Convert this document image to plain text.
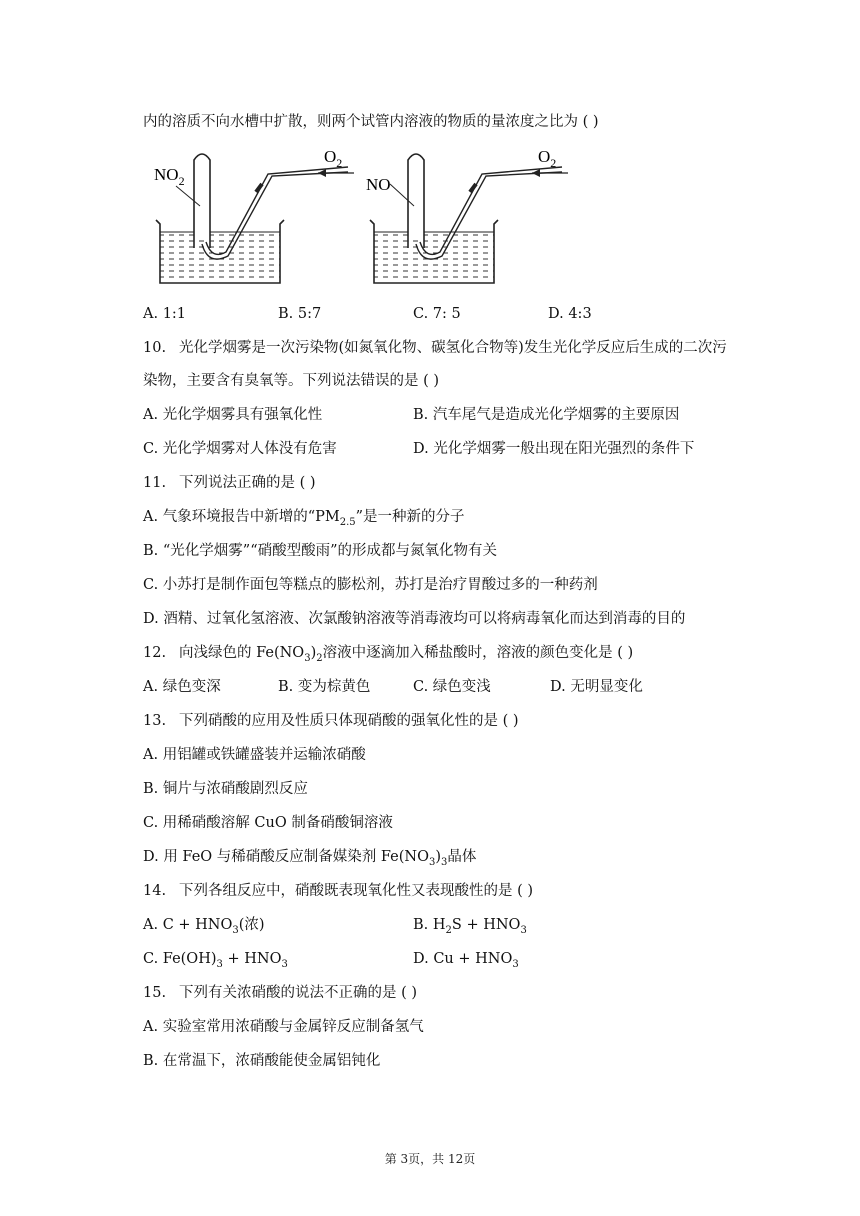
内的溶质不向水槽中扩散，则两个试管内溶液的物质的量浓度之比为 ( )
$NO_2$
$O_2$
NO
$O_2$
A. 1:1	B. 5:7	C. 7: 5	D. 4:3
10. 光化学烟雾是一次污染物(如氮氧化物、碳氢化合物等)发生光化学反应后生成的二次污
染物，主要含有臭氧等。下列说法错误的是 ( )
A. 光化学烟雾具有强氧化性	B. 汽车尾气是造成光化学烟雾的主要原因
C. 光化学烟雾对人体没有危害	D. 光化学烟雾一般出现在阳光强烈的条件下
11. 下列说法正确的是 ( )
A. 气象环境报告中新增的“$PM_{2.5}$”是一种新的分子
B. “光化学烟雾”“硝酸型酸雨”的形成都与氮氧化物有关
C. 小苏打是制作面包等糕点的膨松剂，苏打是治疗胃酸过多的一种药剂
D. 酒精、过氧化氢溶液、次氯酸钠溶液等消毒液均可以将病毒氧化而达到消毒的目的
12. 向浅绿色的 $Fe(NO_3)_2$溶液中逐滴加入稀盐酸时，溶液的颜色变化是 ( )
A. 绿色变深	B. 变为棕黄色	C. 绿色变浅	D. 无明显变化
13. 下列硝酸的应用及性质只体现硝酸的强氧化性的是 ( )
A. 用铝罐或铁罐盛装并运输浓硝酸
B. 铜片与浓硝酸剧烈反应
C. 用稀硝酸溶解 CuO 制备硝酸铜溶液
D. 用 FeO 与稀硝酸反应制备媒染剂 $Fe(NO_3)_3$晶体
14. 下列各组反应中，硝酸既表现氧化性又表现酸性的是 ( )
A. $C + HNO_3$(浓)	B. $H_2S + HNO_3$
C. $Fe(OH)_3 + HNO_3$	D. $Cu + HNO_3$
15. 下列有关浓硝酸的说法不正确的是 ( )
A. 实验室常用浓硝酸与金属锌反应制备氢气
B. 在常温下，浓硝酸能使金属铝钝化
第 3页，共 12页
